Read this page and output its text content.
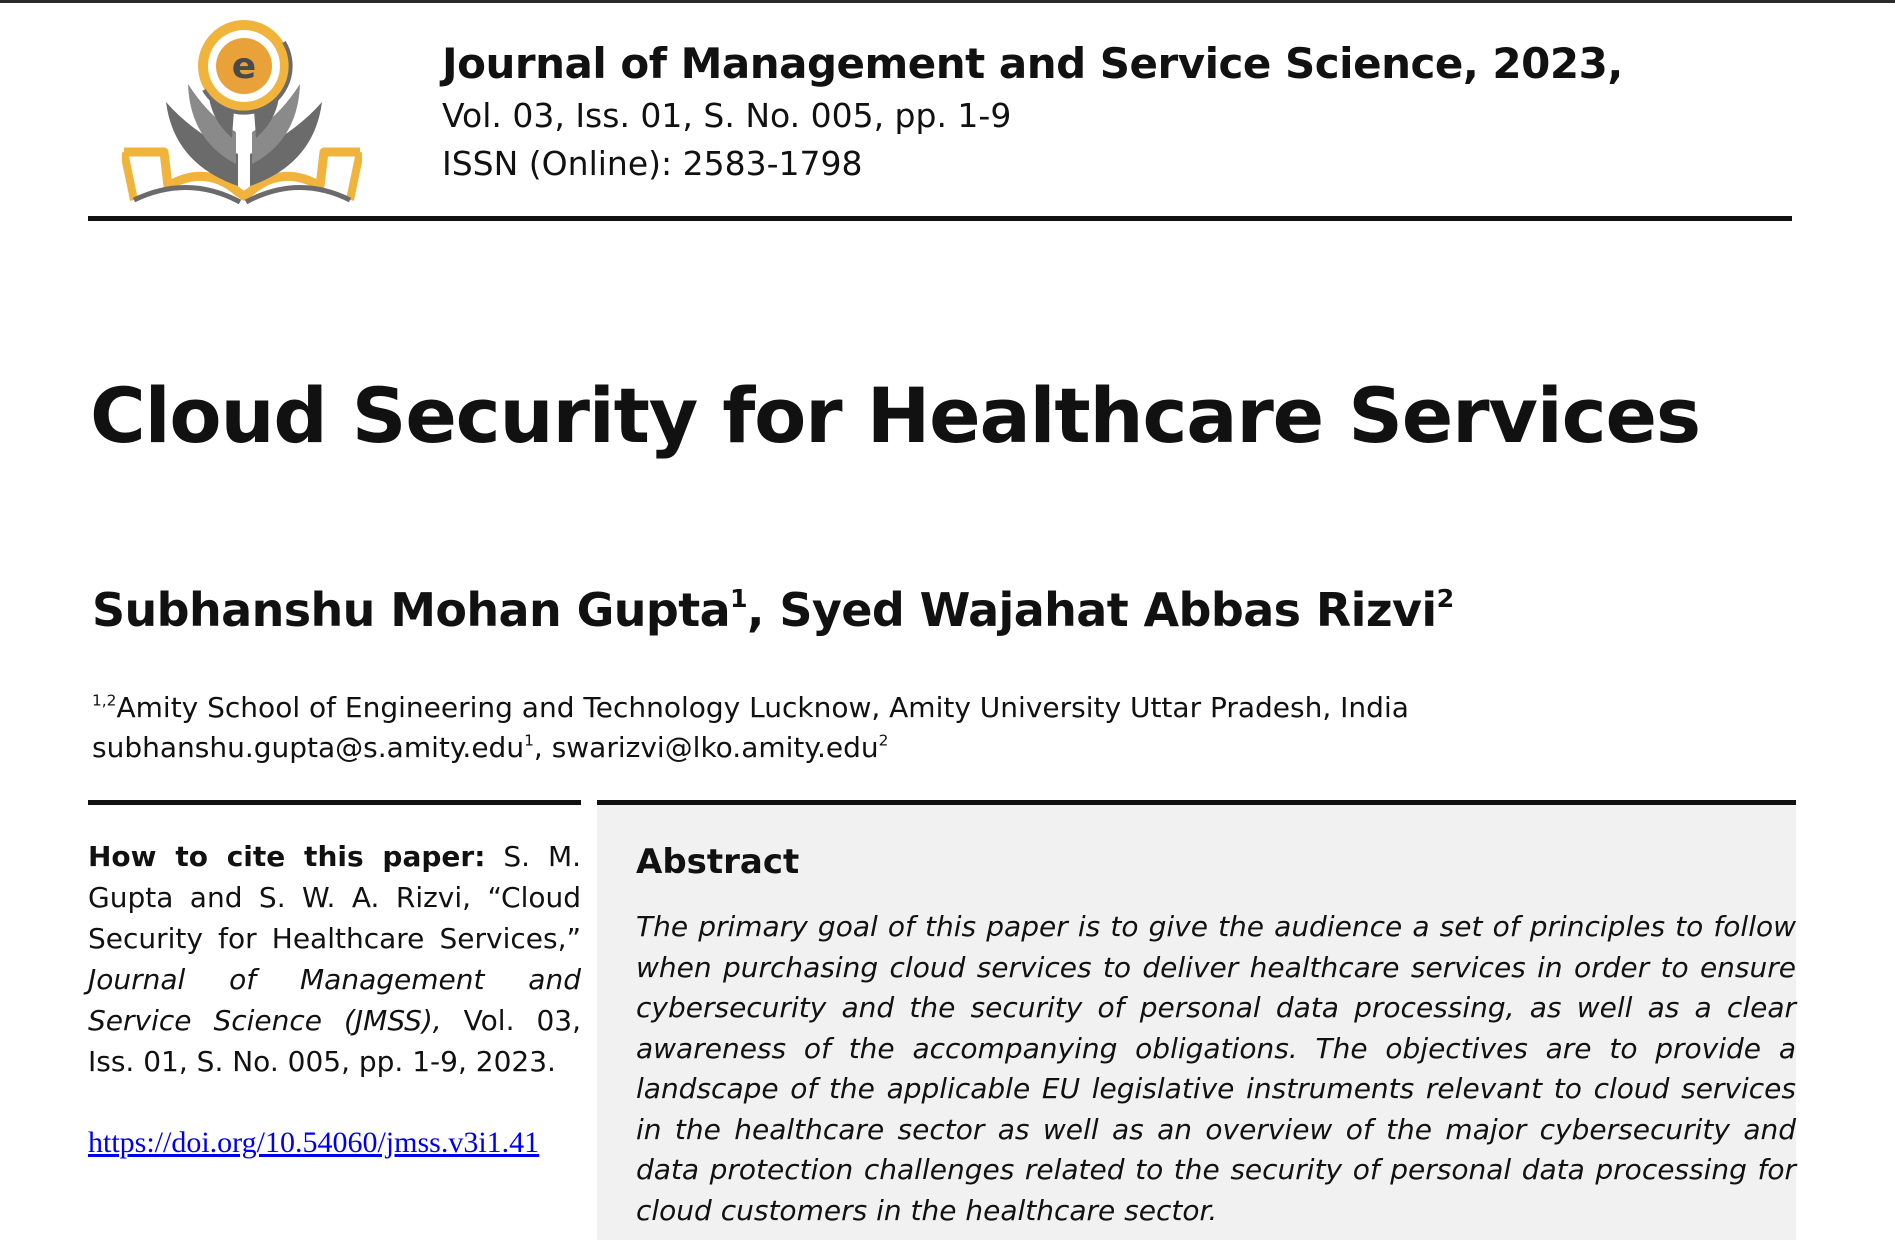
e	Journal of Management and Service Science, 2023,
Vol. 03, Iss. 01, S. No. 005, pp. 1-9
ISSN (Online): 2583-1798
Cloud Security for Healthcare Services
Subhanshu Mohan Gupta$^1$, Syed Wajahat Abbas Rizvi$^2$
$^{1,2}$Amity School of Engineering and Technology Lucknow, Amity University Uttar Pradesh, India
subhanshu.gupta@s.amity.edu$^1$, swarizvi@lko.amity.edu$^2$
How to cite this paper: S. M. Gupta and S. W. A. Rizvi, “Cloud Security for Healthcare Services,” Journal of Management and Service Science (JMSS), Vol. 03, Iss. 01, S. No. 005, pp. 1-9, 2023.
https://doi.org/10.54060/jmss.v3i1.41
Abstract

The primary goal of this paper is to give the audience a set of principles to follow when purchasing cloud services to deliver healthcare services in order to ensure cybersecurity and the security of personal data processing, as well as a clear awareness of the accompanying obligations. The objectives are to provide a landscape of the applicable EU legislative instruments relevant to cloud services in the healthcare sector as well as an overview of the major cybersecurity and data protection challenges related to the security of personal data processing for cloud customers in the healthcare sector.
